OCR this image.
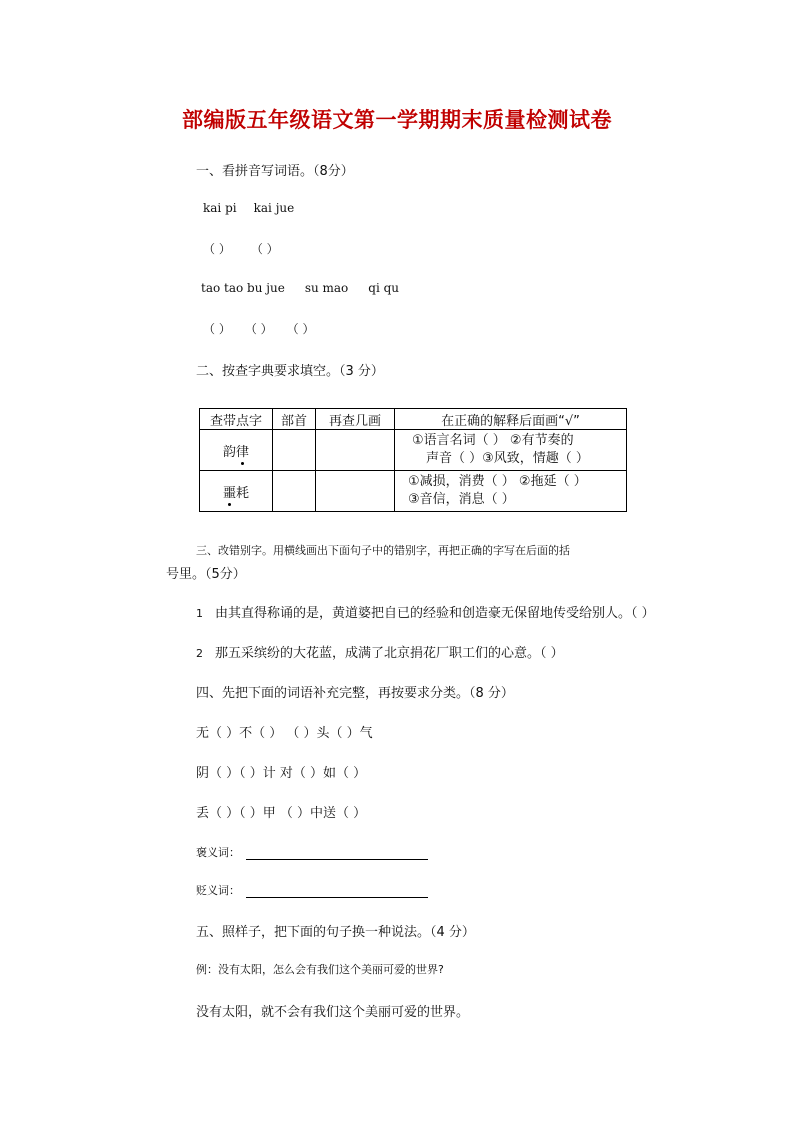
部编版五年级语文第一学期期末质量检测试卷
一、看拼音写词语。（8分）
kai pi kai jue
（ ） （ ）
tao tao bu jue su mao qi qu
（ ） （ ） （ ）
二、按查字典要求填空。（3 分）
查带点字	部首	再查几画	在正确的解释后面画“√”
韵律			①语言名词（ ） ②有节奏的
声音（ ）③风致，情趣（ ）

噩耗			①减损，消费（ ） ②拖延（ ）
③音信，消息（ ）
三、改错别字。用横线画出下面句子中的错别字，再把正确的字写在后面的括
号里。（5分）
1 由其直得称诵的是，黄道婆把自已的经验和创造豪无保留地传受给别人。（ ）
2 那五采缤纷的大花蓝，成满了北京捐花厂职工们的心意。（ ）
四、先把下面的词语补充完整，再按要求分类。（8 分）
无（ ）不（ ） （ ）头（ ）气
阴（ ）（ ）计 对（ ）如（ ）
丢（ ）（ ）甲 （ ）中送（ ）
褒义词：
贬义词：
五、照样子，把下面的句子换一种说法。（4 分）
例：没有太阳，怎么会有我们这个美丽可爱的世界?
没有太阳，就不会有我们这个美丽可爱的世界。
